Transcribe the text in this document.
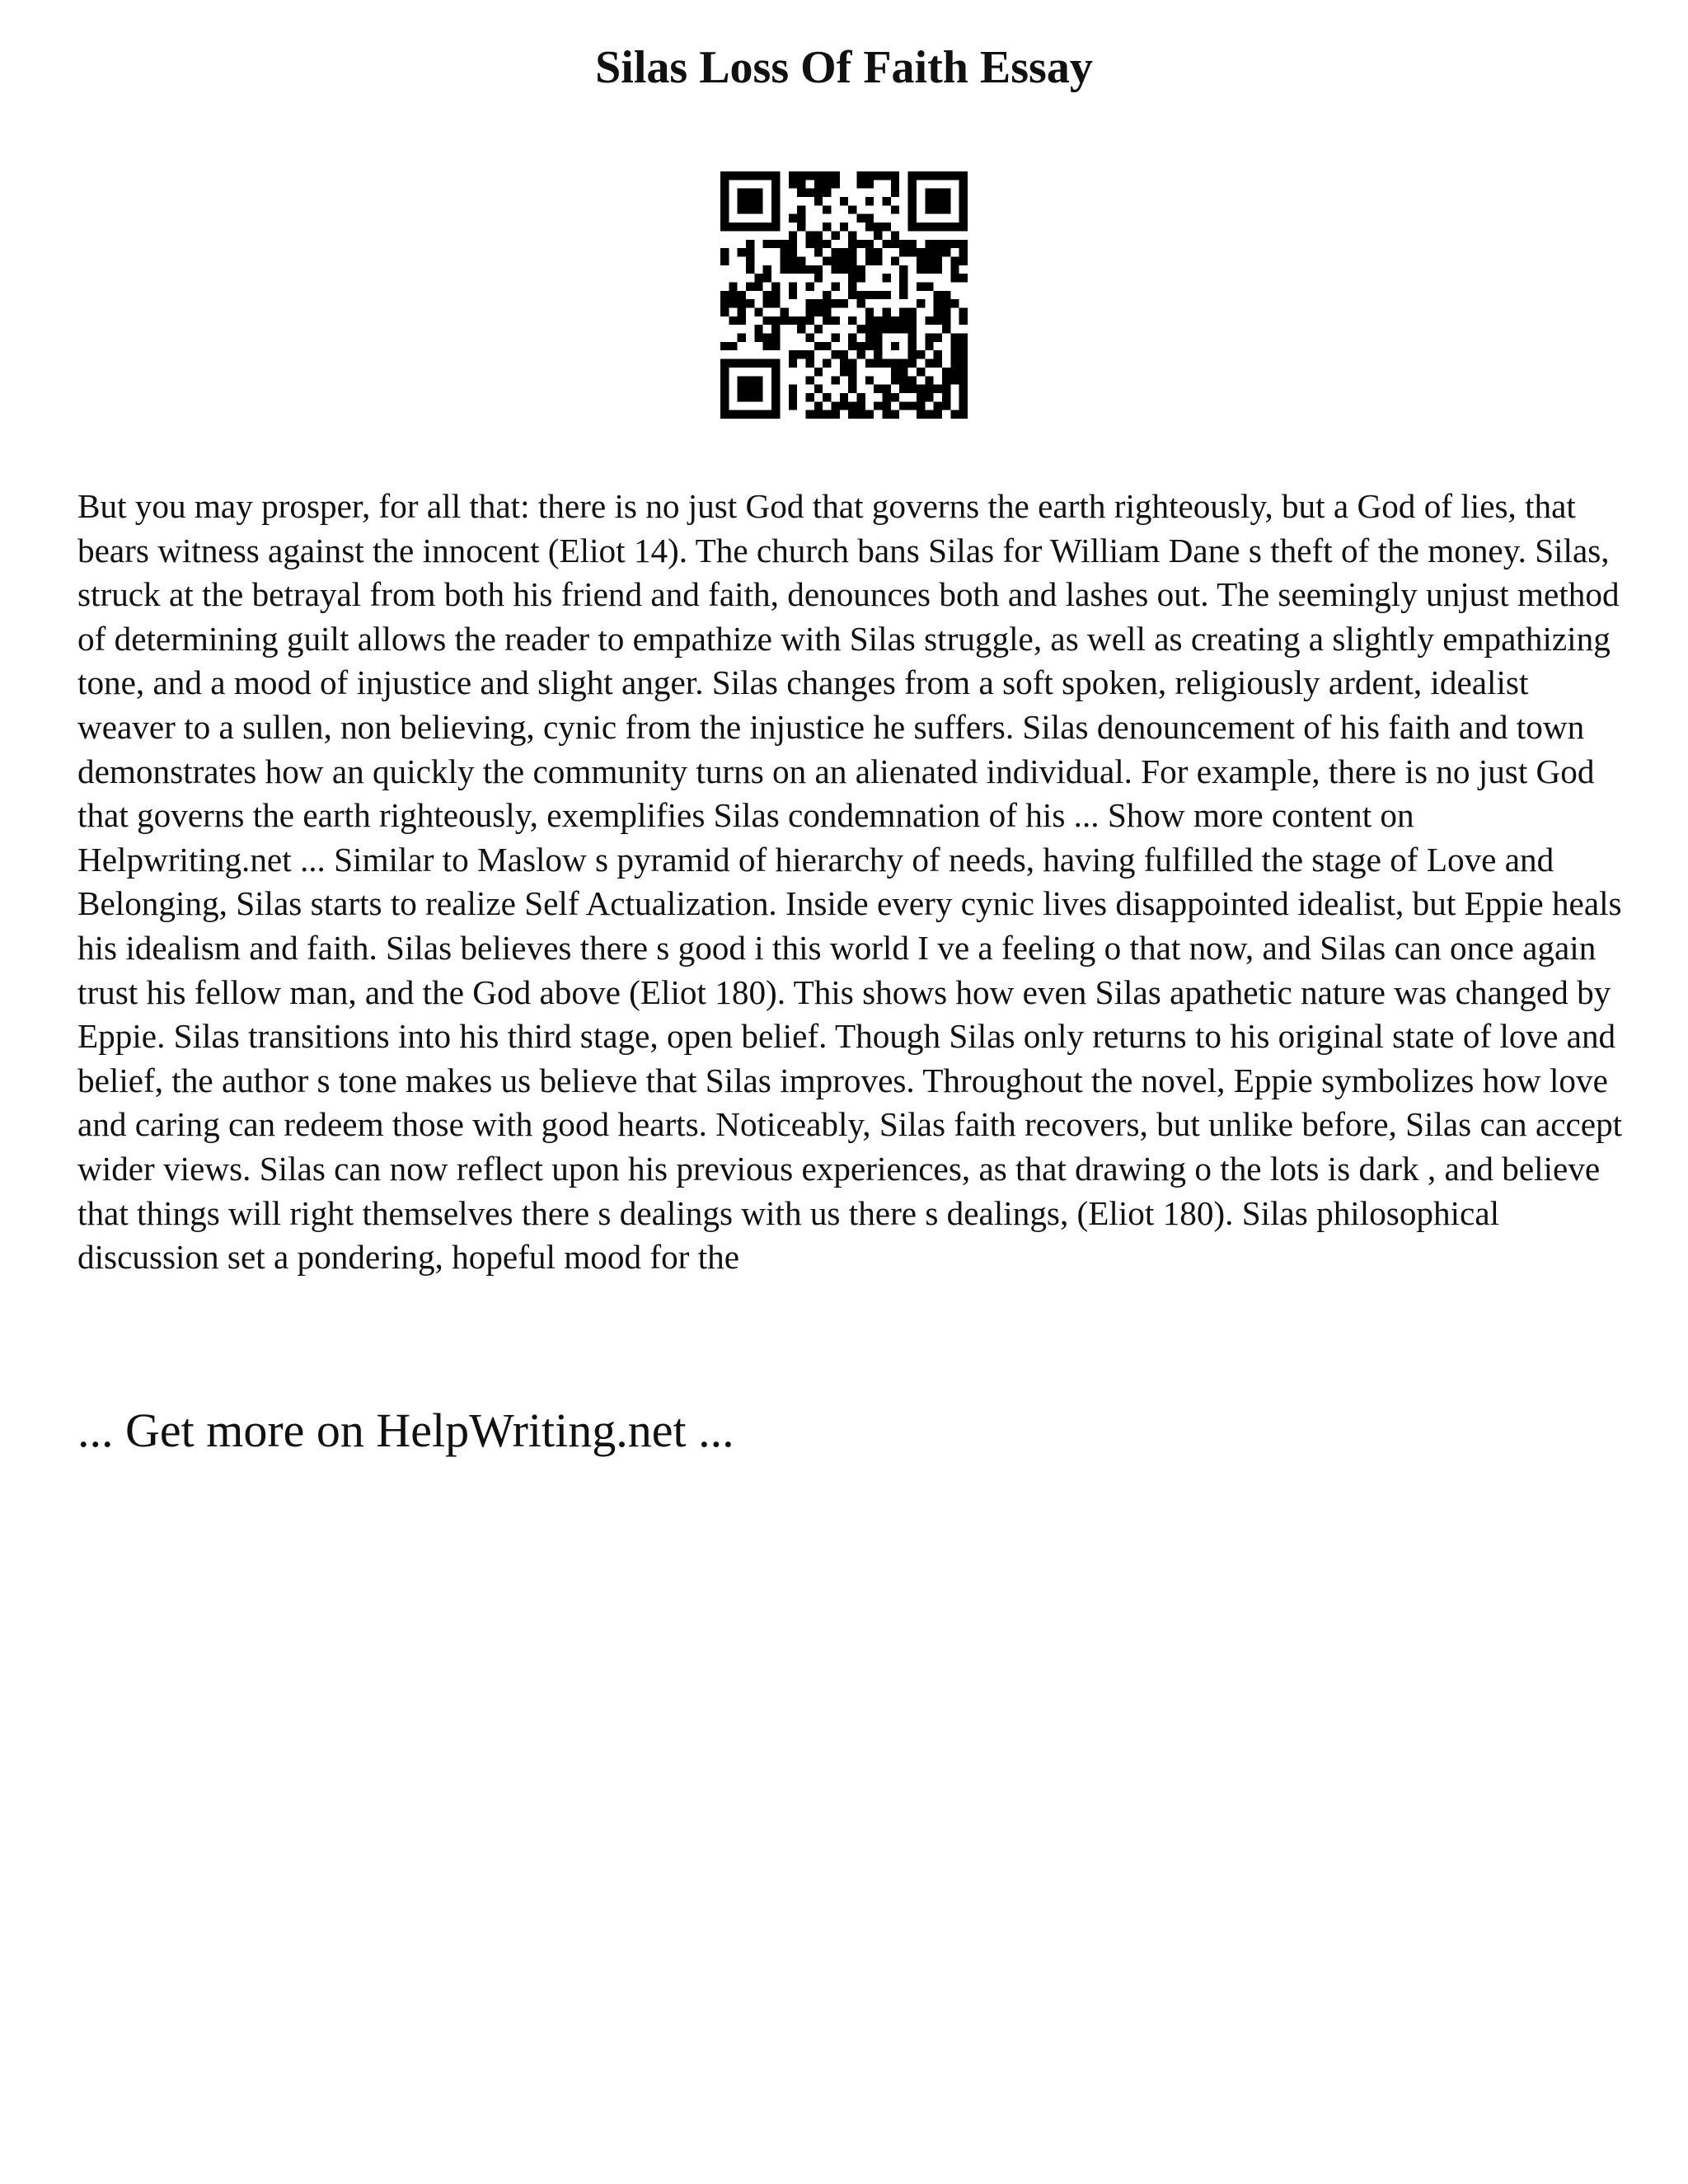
Silas Loss Of Faith Essay

But you may prosper, for all that: there is no just God that governs the earth righteously, but a God of lies, that bears witness against the innocent (Eliot 14). The church bans Silas for William Dane s theft of the money. Silas, struck at the betrayal from both his friend and faith, denounces both and lashes out. The seemingly unjust method of determining guilt allows the reader to empathize with Silas struggle, as well as creating a slightly empathizing tone, and a mood of injustice and slight anger. Silas changes from a soft spoken, religiously ardent, idealist weaver to a sullen, non believing, cynic from the injustice he suffers. Silas denouncement of his faith and town demonstrates how an quickly the community turns on an alienated individual. For example, there is no just God that governs the earth righteously, exemplifies Silas condemnation of his ... Show more content on Helpwriting.net ... Similar to Maslow s pyramid of hierarchy of needs, having fulfilled the stage of Love and Belonging, Silas starts to realize Self Actualization. Inside every cynic lives disappointed idealist, but Eppie heals his idealism and faith. Silas believes there s good i this world I ve a feeling o that now, and Silas can once again trust his fellow man, and the God above (Eliot 180). This shows how even Silas apathetic nature was changed by Eppie. Silas transitions into his third stage, open belief. Though Silas only returns to his original state of love and belief, the author s tone makes us believe that Silas improves. Throughout the novel, Eppie symbolizes how love and caring can redeem those with good hearts. Noticeably, Silas faith recovers, but unlike before, Silas can accept wider views. Silas can now reflect upon his previous experiences, as that drawing o the lots is dark , and believe that things will right themselves there s dealings with us there s dealings, (Eliot 180). Silas philosophical discussion set a pondering, hopeful mood for the

... Get more on HelpWriting.net ...
